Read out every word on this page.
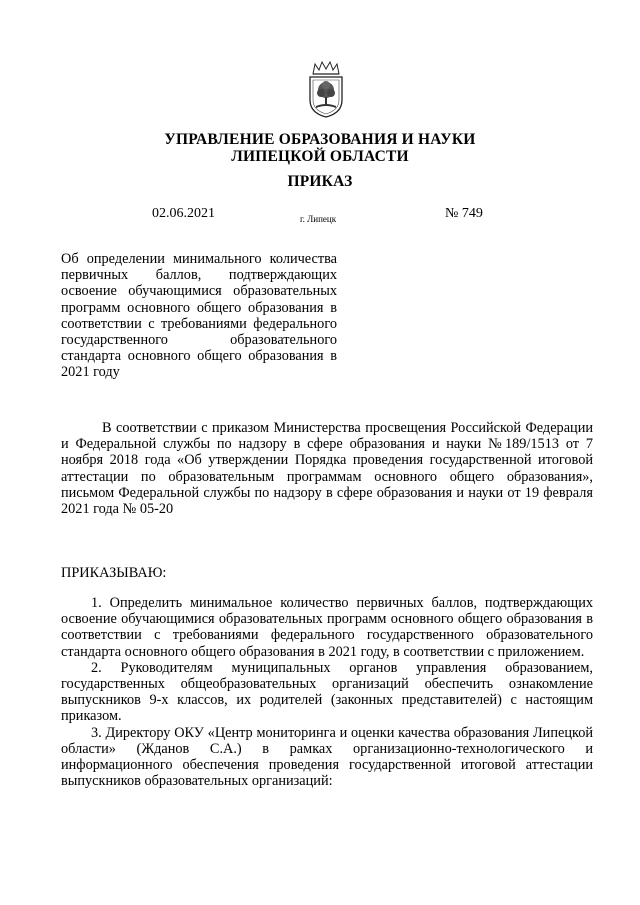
УПРАВЛЕНИЕ ОБРАЗОВАНИЯ И НАУКИ
ЛИПЕЦКОЙ ОБЛАСТИ
ПРИКАЗ
02.06.2021	г. Липецк	№ 749
Об определении минимального количества первичных баллов, подтверждающих освоение обучающимися образовательных программ основного общего образования в соответствии с требованиями федерального государственного образовательного стандарта основного общего образования в 2021 году

В соответствии с приказом Министерства просвещения Российской Федерации и Федеральной службы по надзору в сфере образования и науки №189/1513 от 7 ноября 2018 года «Об утверждении Порядка проведения государственной итоговой аттестации по образовательным программам основного общего образования», письмом Федеральной службы по надзору в сфере образования и науки от 19 февраля 2021 года № 05-20

ПРИКАЗЫВАЮ:

1. Определить минимальное количество первичных баллов, подтверждающих освоение обучающимися образовательных программ основного общего образования в соответствии с требованиями федерального государственного образовательного стандарта основного общего образования в 2021 году, в соответствии с приложением.

2. Руководителям муниципальных органов управления образованием, государственных общеобразовательных организаций обеспечить ознакомление выпускников 9-х классов, их родителей (законных представителей) с настоящим приказом.

3. Директору ОКУ «Центр мониторинга и оценки качества образования Липецкой области» (Жданов С.А.) в рамках организационно-технологического и информационного обеспечения проведения государственной итоговой аттестации выпускников образовательных организаций:
